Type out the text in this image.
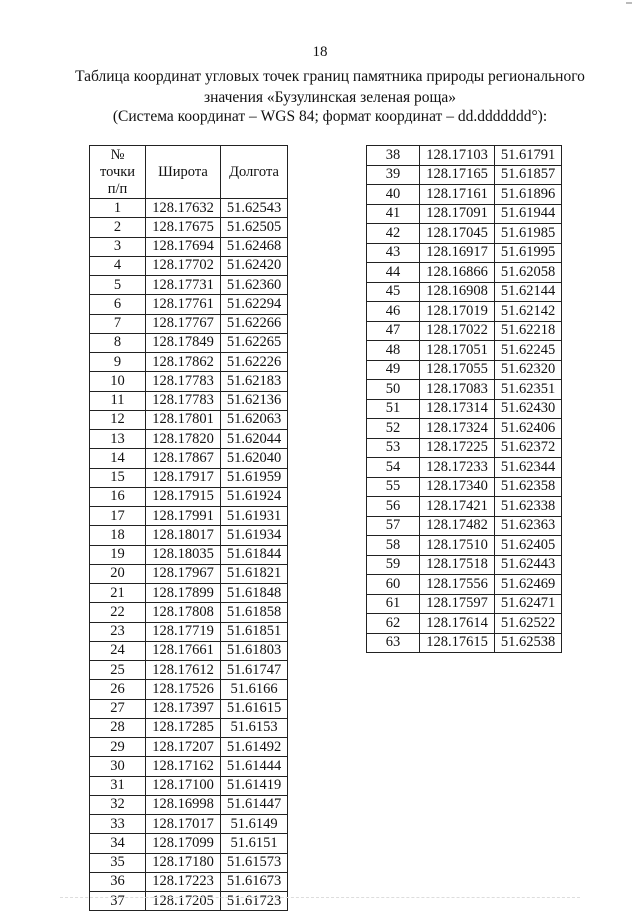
18
Таблица координат угловых точек границ памятника природы регионального
значения «Бузулинская зеленая роща»
(Система координат – WGS 84; формат координат – dd.ddddddd°):
№
точки
п/п	Широта	Долгота
1	128.17632	51.62543
2	128.17675	51.62505
3	128.17694	51.62468
4	128.17702	51.62420
5	128.17731	51.62360
6	128.17761	51.62294
7	128.17767	51.62266
8	128.17849	51.62265
9	128.17862	51.62226
10	128.17783	51.62183
11	128.17783	51.62136
12	128.17801	51.62063
13	128.17820	51.62044
14	128.17867	51.62040
15	128.17917	51.61959
16	128.17915	51.61924
17	128.17991	51.61931
18	128.18017	51.61934
19	128.18035	51.61844
20	128.17967	51.61821
21	128.17899	51.61848
22	128.17808	51.61858
23	128.17719	51.61851
24	128.17661	51.61803
25	128.17612	51.61747
26	128.17526	51.6166
27	128.17397	51.61615
28	128.17285	51.6153
29	128.17207	51.61492
30	128.17162	51.61444
31	128.17100	51.61419
32	128.16998	51.61447
33	128.17017	51.6149
34	128.17099	51.6151
35	128.17180	51.61573
36	128.17223	51.61673
37	128.17205	51.61723
38	128.17103	51.61791
39	128.17165	51.61857
40	128.17161	51.61896
41	128.17091	51.61944
42	128.17045	51.61985
43	128.16917	51.61995
44	128.16866	51.62058
45	128.16908	51.62144
46	128.17019	51.62142
47	128.17022	51.62218
48	128.17051	51.62245
49	128.17055	51.62320
50	128.17083	51.62351
51	128.17314	51.62430
52	128.17324	51.62406
53	128.17225	51.62372
54	128.17233	51.62344
55	128.17340	51.62358
56	128.17421	51.62338
57	128.17482	51.62363
58	128.17510	51.62405
59	128.17518	51.62443
60	128.17556	51.62469
61	128.17597	51.62471
62	128.17614	51.62522
63	128.17615	51.62538
